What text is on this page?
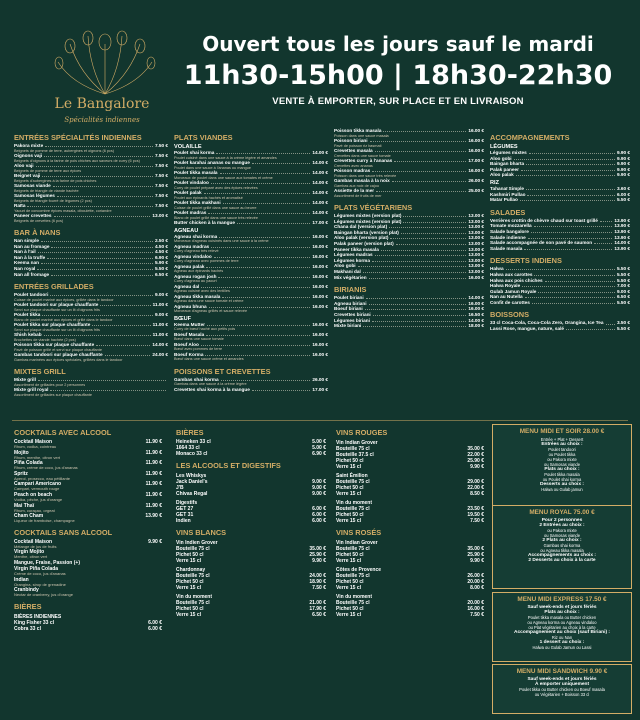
Le Bangalore
Spécialités indiennes
Ouvert tous les jours sauf le mardi
11h30-15h00 | 18h30-22h30
VENTE À EMPORTER, SUR PLACE ET EN LIVRAISON
ENTRÉES SPÉCIALITÉS INDIENNES
Pakora mixte	7.50 €
Beignets de pomme de terre, aubergines et oignons (6 pcs)
Oignons vaji	7.50 €
Beignets d'oignons à la farine de pois chiches aux saveurs de curry (6 pcs)
Aloo vaji	7.50 €
Beignets de pomme de terre aux épices
Beignet vaji	7.50 €
Beignets d'aubergines à la farine de pois chiches
Samosas viande	7.50 €
Beignets de triangle de viande hachée
Samosas légumes	7.50 €
Beignets de triangle fourré de légumes (2 pcs)
Raïta	7.50 €
Yaourt de concombre épices masala, ciboulette, coriandre
Paneer crevettes	13.00 €
Beignets de crevettes (6 pcs)
BAR À NANS
Nan simple	2.50 €
Nan au fromage	4.50 €
Nan à l'ail	4.50 €
Nan à la truffe	6.90 €
Keema nan	5.90 €
Nan royal	5.50 €
Nan all fromage	6.50 €
ENTRÉES GRILLADES
Poulet tandoori	9.00 €
Cuisse de poulet mariné aux épices, grillée dans le tandoor
Poulet tandoori sur plaque chauffante	11.00 €
Servi sur plaque chauffante sur un lit d'oignons frits
Poulet tikka	9.00 €
Blanc de poulet mariné aux épices et grillé dans le tandoor
Poulet tikka sur plaque chauffante	11.00 €
Servi sur plaque chauffante sur un lit d'oignons frits
Shish kebab	11.00 €
Brochettes de viande hachée (2 pcs)
Poisson tikka sur plaque chauffante	14.00 €
Pavé de poisson grillé et servi sur plaque chauffante
Gambas tandoori sur plaque chauffante	24.00 €
Gambas marinées aux épices spéciales, grillées dans le tandoor
MIXTES GRILL
Mixte grill
Assortiment de grillades pour 2 personnes
Mixte grill royal
Assortiment de grillades sur plaque chauffante
PLATS VIANDES
VOLAILLE
Poulet shai korma	14.00 €
Poulet cuisiné dans une sauce à la crème légère et amandes
Poulet karahai ananas ou mangue	14.00 €
Poulet dans une sauce à l'ananas ou mangue
Poulet tikka masala	14.00 €
Morceaux de poulet dans une sauce aux tomates et crème
Poulet vindaloo	14.00 €
Curry de poulet préparé avec des épices relevées
Poulet palak	14.00 €
Poulet aux épinards hachés et aromatisé
Poulet tikka makhani	14.00 €
Cuisse de poulet grillé dans une sauce au beurre
Poulet madras	14.00 €
Blanc de poulet grillé dans une sauce très relevée
Butter chicken à la mangue	17.00 €
AGNEAU
Agneau shai korma	16.00 €
Morceaux d'agneau cuisinés dans une sauce à la crème
Agneau madras	16.00 €
Curry d'agneau très relevé
Agneau vindaloo	16.00 €
Curry d'agneau avec pommes de terre
Agneau palak	16.00 €
Agneau aux épinards hachés
Agneau rogan josh	16.00 €
Curry d'agneau au yaourt
Agneau dal	16.00 €
Agneau cuisiné avec des lentilles
Agneau tikka masala	16.00 €
Agneau dans une sauce tomate et crème
Agneau bhuna	16.00 €
Morceaux d'agneau grillés et sauce relevée
BŒUF
Keema Mutter	16.00 €
Curry de bœuf haché aux petits pois
Boeuf Masala	16.00 €
Bœuf dans une sauce tomate
Boeuf Aloo	16.00 €
Bœuf avec pommes de terre
Boeuf Korma	16.00 €
Bœuf dans une sauce crème et amandes
POISSONS ET CREVETTES
Gambas shai korma	26.00 €
Gambas dans une sauce à la crème légère
Crevettes shai korma à la mangue	17.00 €
Poisson tikka masala	16.00 €
Poisson dans une sauce masala
Poisson biriani	16.00 €
Pavé de poisson riz basmati
Crevettes masala	16.00 €
Crevettes dans une sauce tomate
Crevettes curry à l'ananas	17.00 €
Crevettes avec ananas
Poisson madras	16.00 €
Poisson dans une sauce très relevée
Gambas masala à la noix	26.00 €
Gambas aux noix de cajou
Assiette de la mer	25.00 €
Assortiment de fruits de mer
PLATS VÉGÉTARIENS
Légumes mixtes (version plat)	13.00 €
Légumes mixtes (version plat)	13.00 €
Chana dal (version plat)	13.00 €
Baingan bharta (version plat)	13.00 €
Aloo palak (version plat)	13.00 €
Palak paneer (version plat)	13.00 €
Paneer tikka masala	13.00 €
Légumes madras	13.00 €
Légumes korma	13.00 €
Aloo gobi	13.00 €
Makhani dal	13.00 €
Mix végétarien	16.00 €
BIRIANIS
Poulet biriani	14.00 €
Agneau biriani	16.00 €
Boeuf biriani	16.00 €
Crevettes biriani	16.50 €
Légumes biriani	14.00 €
Mixte biriani	18.00 €
ACCOMPAGNEMENTS
LÉGUMES
Légumes mixtes	9.90 €
Aloo gobi	9.90 €
Baingan bharta	9.90 €
Palak paneer	9.90 €
Aloo palak	9.90 €
RIZ
Tahanaï Simple	3.60 €
Kashmiri Pullao	6.00 €
Matar Pullao	5.50 €
SALADES
Verrières crottin de chèvre chaud sur toast grillé	13.90 €
Tomate mozzarella	13.90 €
Salade bangalore	13.90 €
Salade indienne	13.90 €
Salade accompagnée de son pavé de saumon	14.00 €
Salade masala	13.90 €
DESSERTS INDIENS
Halwa	5.50 €
Halwa aux carottes	5.50 €
Halwa aux pois chiches	5.50 €
Halwa Royale	7.00 €
Gulab Jamun Royale	9.00 €
Nan au Nutella	6.50 €
Confit de carottes	5.50 €
BOISSONS
33 cl Coca-Cola, Coca-Cola Zero, Orangina, Ice Tea	3.50 €
Lassi Rose, mangue, nature, salé	5.50 €
COCKTAILS AVEC ALCOOL
Cocktail Maison	11.90 €
Rhum, vodka, cointreau
Mojito	11.90 €
Rhum, menthe, citron vert
Piña Colada	11.90 €
Rhum, crème de coco, jus d'ananas
Spritz	11.90 €
Aperol, prosecco, eau pétillante
Campari Americano	11.90 €
Campari, vermouth rouge
Peach on beach	11.90 €
Vodka, pêche, jus d'orange
Mai Thaï	11.90 €
Rhum, curaçao, orgeat
Cham Cham	13.90 €
Liqueur de framboise, champagne
COCKTAILS SANS ALCOOL
Cocktail Maison	9.90 €
Mélange de jus de fruits
Virgin Mojito
Menthe, citron vert
Mangue, Fraise, Passion (+)
Virgin Piña Colada
Crème de coco, jus d'ananas
Indian
Orangina, sirop de grenadine
Cranbindy
Nectar de cranberry, jus d'orange
BIÈRES
BIÈRES INDIENNES
King Fisher 33 cl	6.00 €
Cobra 33 cl	6.00 €
BIÈRES
Heineken 33 cl	5.00 €
1664 33 cl	5.00 €
Monaco 33 cl	6.90 €
LES ALCOOLS ET DIGESTIFS
Les Whiskys
Jack Daniel's	9.00 €
J'B	9.00 €
Chivas Regal	9.00 €
Digestifs
GET 27	6.00 €
GET 31	6.00 €
Indien	6.00 €
VINS BLANCS
Vin Indien Grover
Bouteille 75 cl	35.00 €
Pichet 50 cl	25.90 €
Verre 15 cl	9.90 €
Chardonnay
Bouteille 75 cl	24.00 €
Pichet 50 cl	18.90 €
Verre 15 cl	7.50 €
Vin du moment
Bouteille 75 cl	21.00 €
Pichet 50 cl	17.90 €
Verre 15 cl	6.50 €
VINS ROUGES
Vin Indian Grover
Bouteille 75 cl	35.00 €
Bouteille 37.5 cl	22.00 €
Pichet 50 cl	25.90 €
Verre 15 cl	9.90 €
Saint Émilion
Bouteille 75 cl	29.00 €
Pichet 50 cl	22.00 €
Verre 15 cl	8.50 €
Vin du moment
Bouteille 75 cl	23.50 €
Pichet 50 cl	19.50 €
Verre 15 cl	7.50 €
VINS ROSÉS
Vin Indian Grover
Bouteille 75 cl	35.00 €
Pichet 50 cl	25.90 €
Verre 15 cl	9.90 €
Côtes de Provence
Bouteille 75 cl	26.00 €
Pichet 50 cl	20.00 €
Verre 15 cl	8.00 €
Vin du moment
Bouteille 75 cl	20.00 €
Pichet 50 cl	16.00 €
Verre 15 cl	7.50 €
MENU MIDI ET SOIR 28.00 €
Entrée + Plat + Dessert
Entrées au choix :
Poulet tandoori
ou Poulet tikka
ou Pakora mixte
ou Samosas viande
Plats au choix :
Poulet tikka masala
ou Poulet shai korma
Desserts au choix :
Halwa ou Gulab jamun
MENU ROYAL 75.00 €
Pour 2 personnes
2 Entrées au choix :
ou Pakora mixte
ou Samosas viande
2 Plats au choix :
Gambas shai korma
ou Agneau tikka masala
Accompagnements au choix :
2 Desserts au choix à la carte
MENU MIDI EXPRESS 17.50 €
Sauf week-ends et jours fériés
Plats au choix :
Poulet tikka masala ou Butter chicken
ou Agneau korma ou Agneau vindaloo
ou Plat végétarien au choix à la carte
Accompagnement au choix (sauf Biriani) :
Riz ou Nan
1 dessert au choix :
Halwa ou Gulab Jamun ou Lassi
MENU MIDI SANDWICH 9.90 €
Sauf week-ends et jours fériés
À emporter uniquement
Poulet tikka ou Butter chicken ou Boeuf masala
ou Végétarien + Boisson 33 cl
